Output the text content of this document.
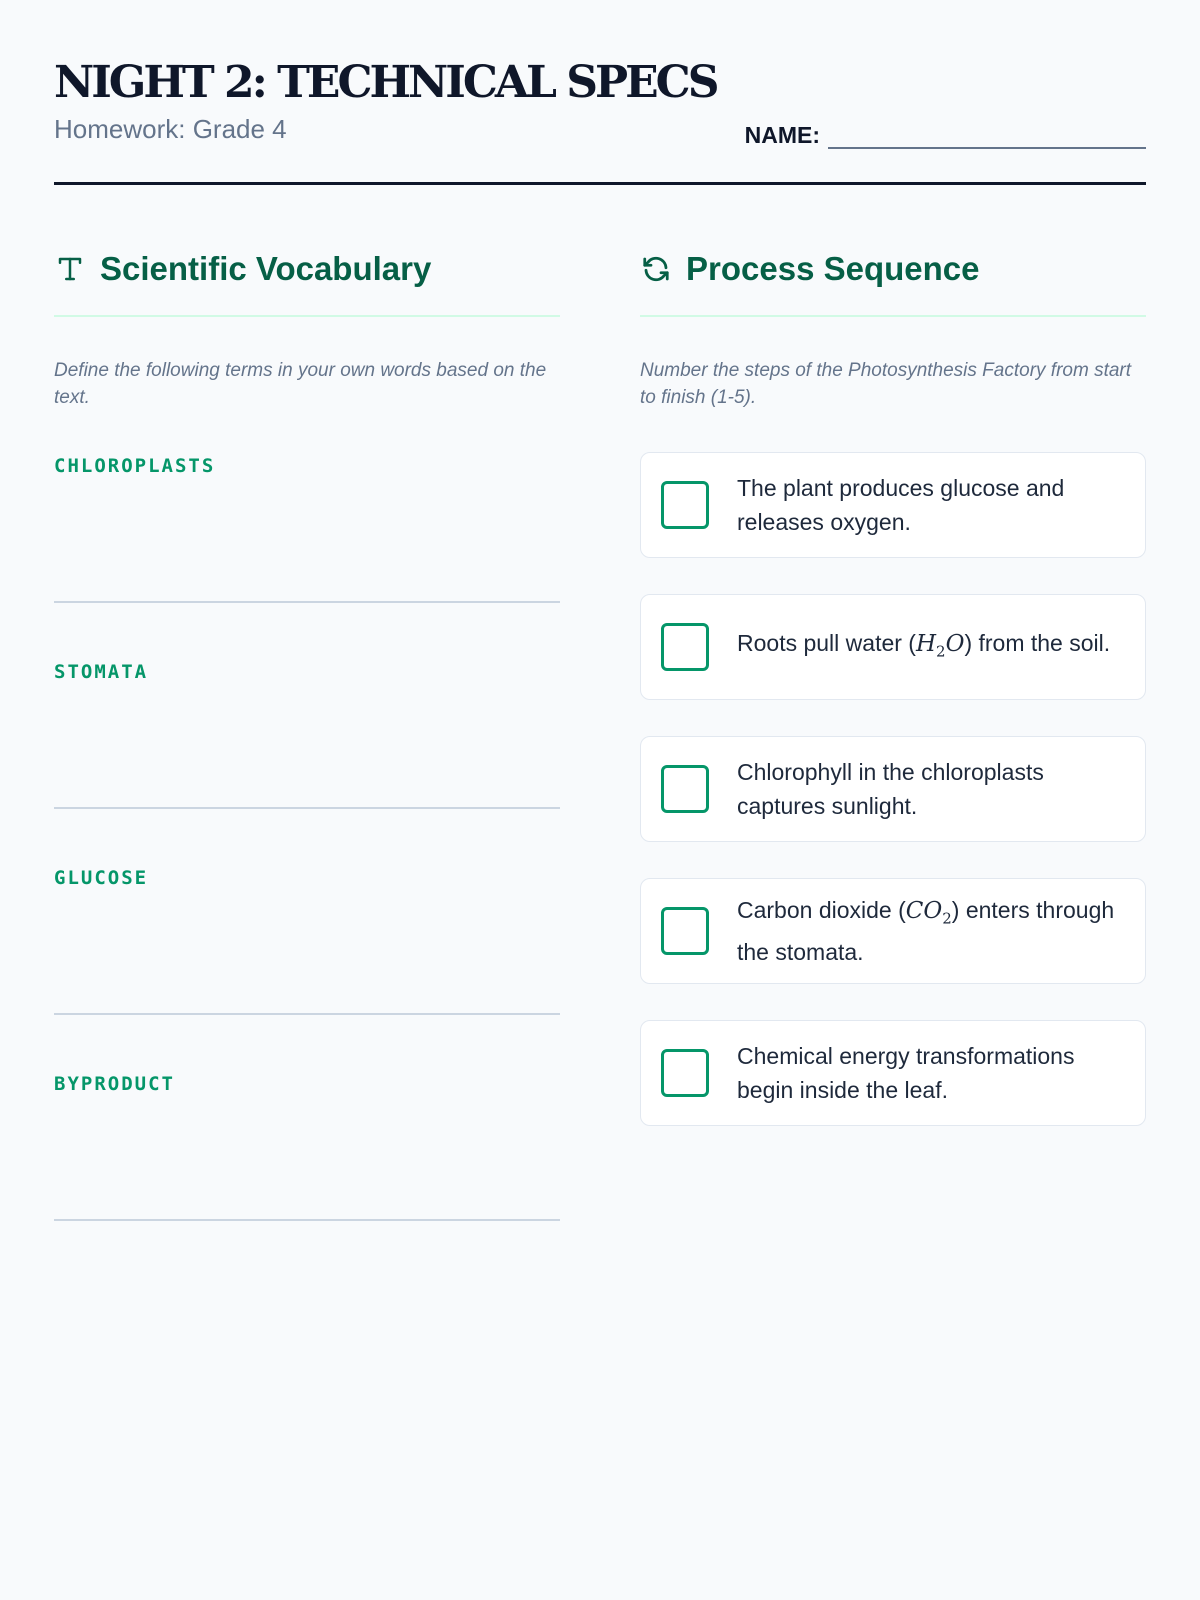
NIGHT 2: TECHNICAL SPECS
Homework: Grade 4	NAME:
Scientific Vocabulary
Define the following terms in your own words based on the text.
CHLOROPLASTS
STOMATA
GLUCOSE
BYPRODUCT
Process Sequence
Number the steps of the Photosynthesis Factory from start to finish (1-5).
The plant produces glucose and releases oxygen.
Roots pull water $(H_2O)$ from the soil.
Chlorophyll in the chloroplasts captures sunlight.
Carbon dioxide $(CO_2)$ enters through the stomata.
Chemical energy transformations begin inside the leaf.
